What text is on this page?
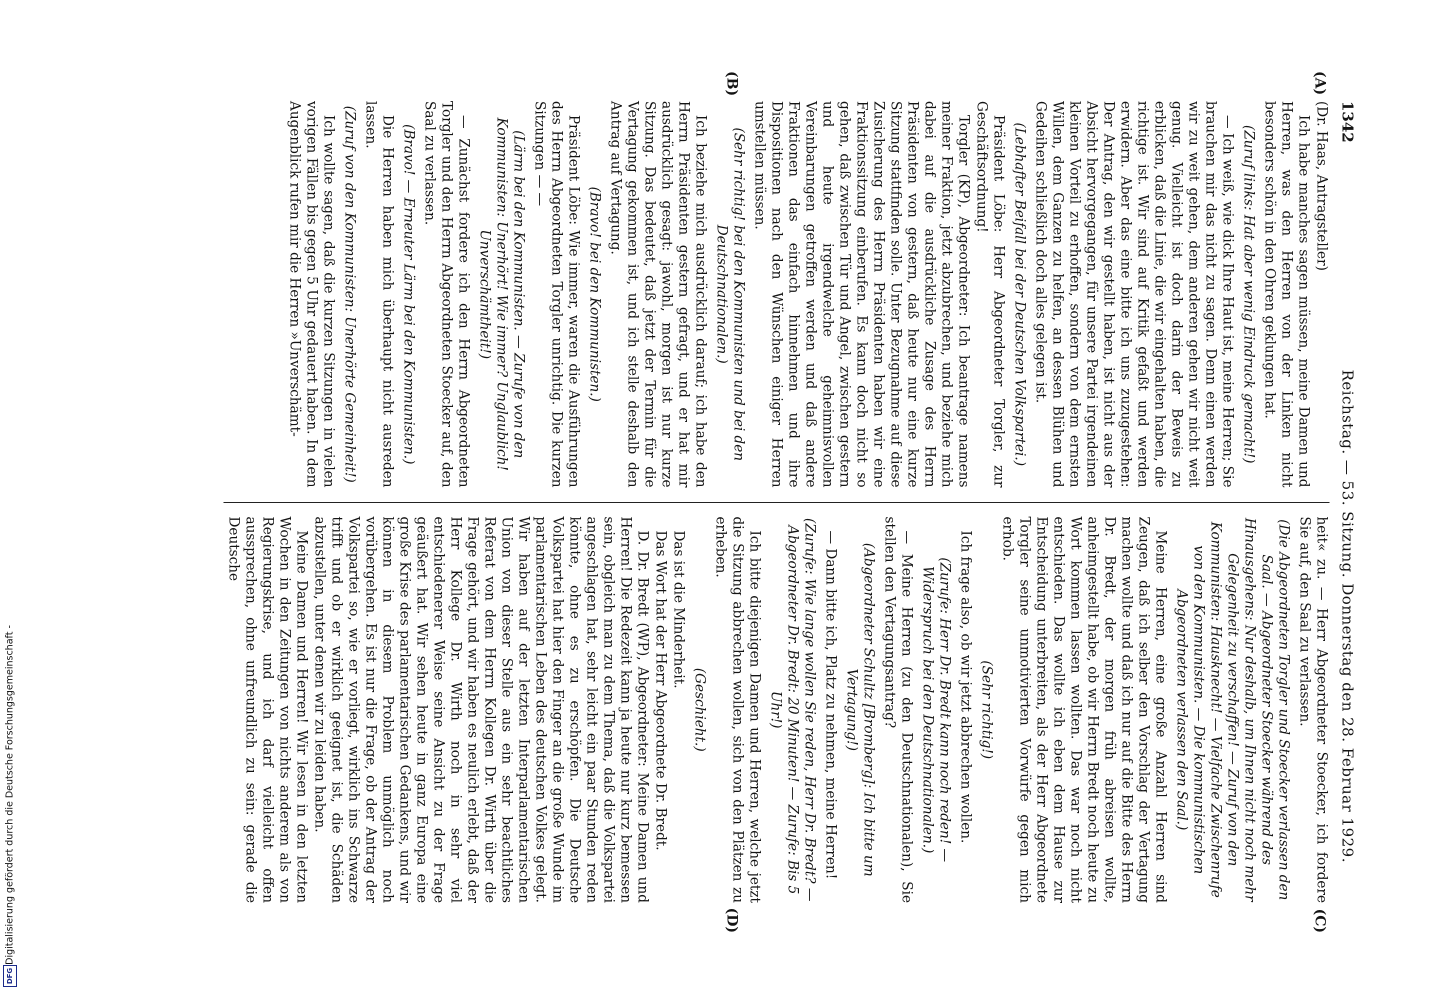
1342
Reichstag. — 53. Sitzung. Donnerstag den 28. Februar 1929.
(A)
(B)
(C)
(D)

(Dr. Haas, Antragsteller)

Ich habe manches sagen müssen, meine Damen und Herren, was den Herren von der Linken nicht besonders schön in den Ohren geklungen hat.

(Zuruf links: Hat aber wenig Eindruck gemacht!)

— Ich weiß, wie dick Ihre Haut ist, meine Herren; Sie brauchen mir das nicht zu sagen. Denn einen werden wir zu weit gehen, dem anderen gehen wir nicht weit genug. Vielleicht ist doch darin der Beweis zu erblicken, daß die Linie, die wir eingehalten haben, die richtige ist. Wir sind auf Kritik gefaßt und werden erwidern. Aber das eine bitte ich uns zuzugestehen: Der Antrag, den wir gestellt haben, ist nicht aus der Absicht hervorgegangen, für unsere Partei irgendeinen kleinen Vorteil zu erhoffen, sondern von dem ernsten Willen, dem Ganzen zu helfen, an dessen Blühen und Gedeihen schließlich doch alles gelegen ist.

(Lebhafter Beifall bei der Deutschen Volkspartei.)

Präsident Löbe: Herr Abgeordneter Torgler, zur Geschäftsordnung!

Torgler (KP), Abgeordneter: Ich beantrage namens meiner Fraktion, jetzt abzubrechen, und beziehe mich dabei auf die ausdrückliche Zusage des Herrn Präsidenten von gestern, daß heute nur eine kurze Sitzung stattfinden solle. Unter Bezugnahme auf diese Zusicherung des Herrn Präsidenten haben wir eine Fraktionssitzung einberufen. Es kann doch nicht so gehen, daß zwischen Tür und Angel, zwischen gestern und heute irgendwelche geheimnisvollen Vereinbarungen getroffen werden und daß andere Fraktionen das einfach hinnehmen und ihre Dispositionen nach den Wünschen einiger Herren umstellen müssen.

(Sehr richtig! bei den Kommunisten und bei den Deutschnationalen.)

Ich beziehe mich ausdrücklich darauf; ich habe den Herrn Präsidenten gestern gefragt, und er hat mir ausdrücklich gesagt: jawohl, morgen ist nur kurze Sitzung. Das bedeutet, daß jetzt der Termin für die Vertagung gekommen ist, und ich stelle deshalb den Antrag auf Vertagung.

(Bravo! bei den Kommunisten.)

Präsident Löbe: Wie immer, waren die Ausführungen des Herrn Abgeordneten Torgler unrichtig. Die kurzen Sitzungen — —

(Lärm bei den Kommunisten. — Zurufe von den Kommunisten: Unerhört! Wie immer? Unglaublich! Unverschämtheit!)

— Zunächst fordere ich den Herrn Abgeordneten Torgler und den Herrn Abgeordneten Stoecker auf, den Saal zu verlassen.

(Bravo! — Erneuter Lärm bei den Kommunisten.)

Die Herren haben mich überhaupt nicht ausreden lassen.

(Zuruf von den Kommunisten: Unerhörte Gemeinheit!)

Ich wollte sagen, daß die kurzen Sitzungen in vielen vorigen Fällen bis gegen 5 Uhr gedauert haben. In dem Augenblick rufen mir die Herren »Unverschämt-

heit« zu. — Herr Abgeordneter Stoecker, ich fordere Sie auf, den Saal zu verlassen.

(Die Abgeordneten Torgler und Stoecker verlassen den Saal. — Abgeordneter Stoecker während des Hinausgehens: Nur deshalb, um Ihnen nicht noch mehr Gelegenheit zu verschaffen! — Zuruf von den Kommunisten: Hausknecht! — Vielfache Zwischenrufe von den Kommunisten. — Die kommunistischen Abgeordneten verlassen den Saal.)

Meine Herren, eine große Anzahl Herren sind Zeugen, daß ich selber den Vorschlag der Vertagung machen wollte und daß ich nur auf die Bitte des Herrn Dr. Bredt, der morgen früh abreisen wollte, anheimgestellt habe, ob wir Herrn Bredt noch heute zu Wort kommen lassen wollten. Das war noch nicht entschieden. Das wollte ich eben dem Hause zur Entscheidung unterbreiten, als der Herr Abgeordnete Torgler seine unmotivierten Vorwürfe gegen mich erhob.

(Sehr richtig!)

Ich frage also, ob wir jetzt abbrechen wollen.

(Zurufe: Herr Dr. Bredt kann noch reden! — Widerspruch bei den Deutschnationalen.)

— Meine Herren (zu den Deutschnationalen), Sie stellen den Vertagungsantrag?

(Abgeordneter Schultz [Bromberg]: Ich bitte um Vertagung!)

— Dann bitte ich, Platz zu nehmen, meine Herren!

(Zurufe: Wie lange wollen Sie reden, Herr Dr. Bredt? — Abgeordneter Dr. Bredt: 20 Minuten! — Zurufe: Bis 5 Uhr!)

Ich bitte diejenigen Damen und Herren, welche jetzt die Sitzung abbrechen wollen, sich von den Plätzen zu erheben.

(Geschieht.)

Das ist die Minderheit.

Das Wort hat der Herr Abgeordnete Dr. Bredt.

D. Dr. Bredt (WP), Abgeordneter: Meine Damen und Herren! Die Redezeit kann ja heute nur kurz bemessen sein, obgleich man zu dem Thema, daß die Volkspartei angeschlagen hat, sehr leicht ein paar Stunden reden könnte, ohne es zu erschöpfen. Die Deutsche Volkspartei hat hier den Finger an die große Wunde im parlamentarischen Leben des deutschen Volkes gelegt. Wir haben auf der letzten Interparlamentarischen Union von dieser Stelle aus ein sehr beachtliches Referat von dem Herrn Kollegen Dr. Wirth über die Frage gehört, und wir haben es neulich erlebt, daß der Herr Kollege Dr. Wirth noch in sehr viel entschiedenerer Weise seine Ansicht zu der Frage geäußert hat. Wir sehen heute in ganz Europa eine große Krise des parlamentarischen Gedankens, und wir können in diesem Problem unmöglich noch vorübergehen. Es ist nur die Frage, ob der Antrag der Volkspartei so, wie er vorliegt, wirklich ins Schwarze trifft und ob er wirklich geeignet ist, die Schäden abzustellen, unter denen wir zu leiden haben.

Meine Damen und Herren! Wir lesen in den letzten Wochen in den Zeitungen von nichts anderem als von Regierungskrise, und ich darf vielleicht offen aussprechen, ohne unfreundlich zu sein: gerade die Deutsche

Digitalisierung gefördert durch die Deutsche Forschungsgemeinschaft -
DFG
